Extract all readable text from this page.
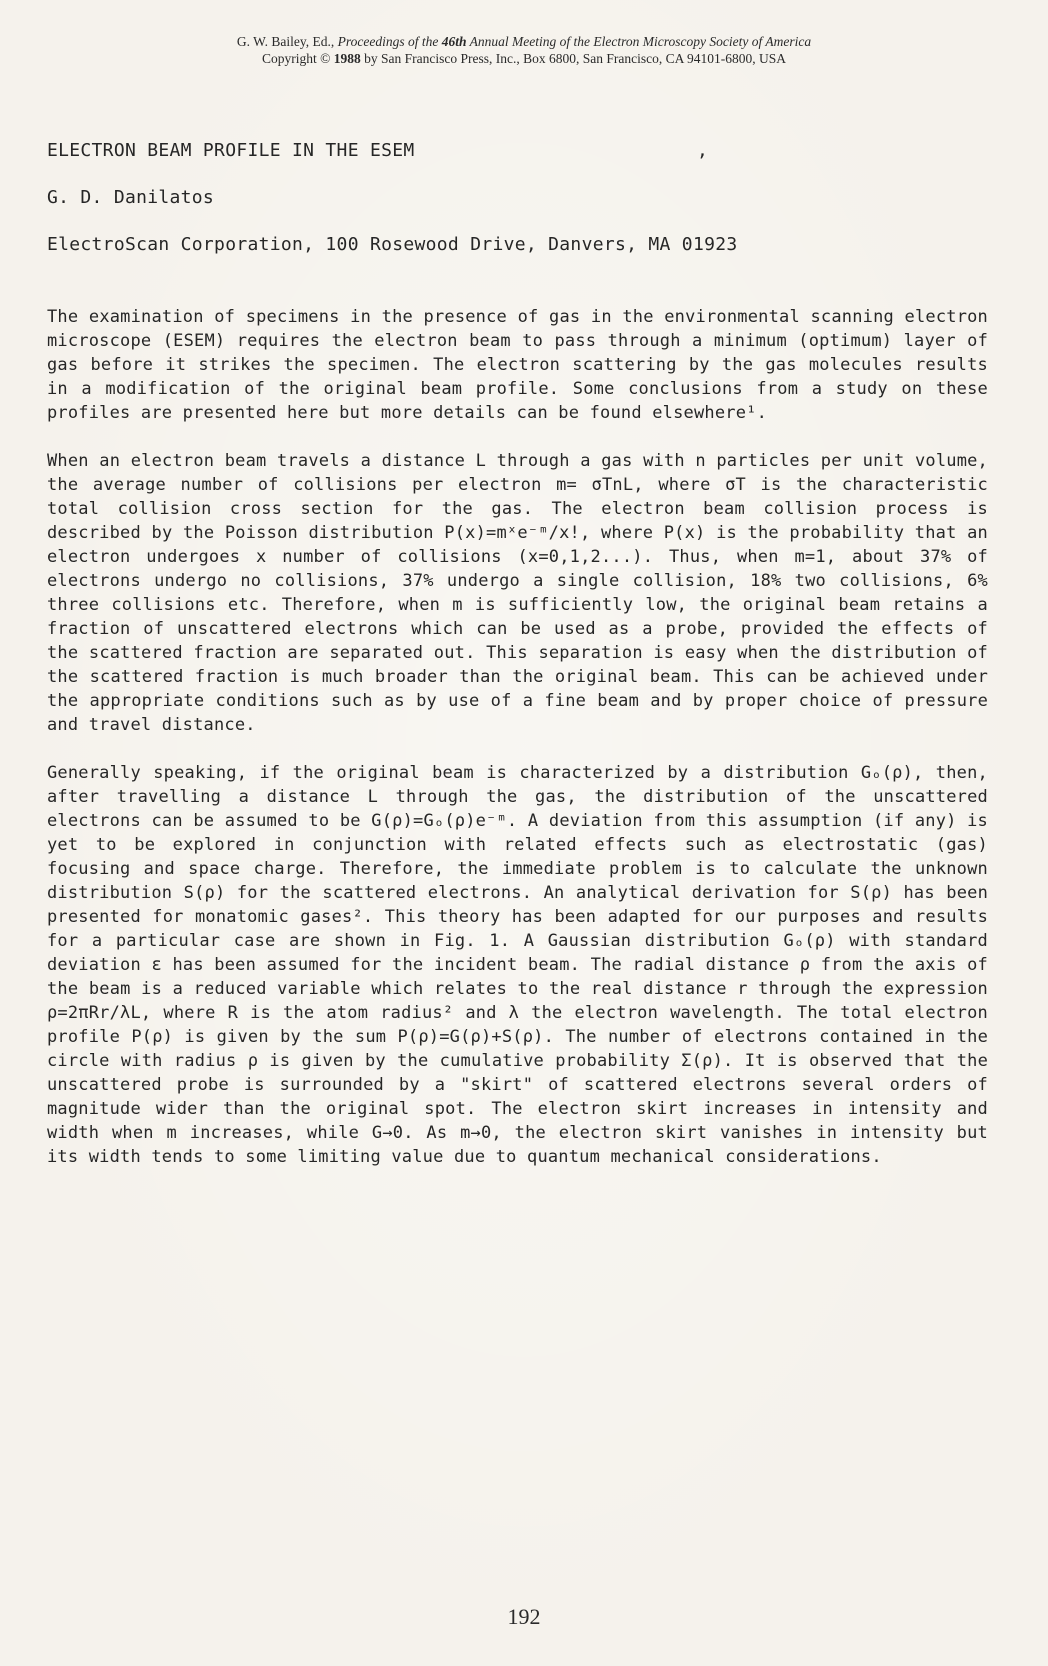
G. W. Bailey, Ed., Proceedings of the 46th Annual Meeting of the Electron Microscopy Society of America
Copyright © 1988 by San Francisco Press, Inc., Box 6800, San Francisco, CA 94101-6800, USA
ELECTRON BEAM PROFILE IN THE ESEM	,
G. D. Danilatos
ElectroScan Corporation, 100 Rosewood Drive, Danvers, MA 01923

The examination of specimens in the presence of gas in the environmental scanning electron microscope (ESEM) requires the electron beam to pass through a minimum (optimum) layer of gas before it strikes the specimen. The electron scattering by the gas molecules results in a modification of the original beam profile. Some conclusions from a study on these profiles are presented here but more details can be found elsewhere¹.

When an electron beam travels a distance L through a gas with n particles per unit volume, the average number of collisions per electron m= σTnL, where σT is the characteristic total collision cross section for the gas. The electron beam collision process is described by the Poisson distribution P(x)=mˣe⁻ᵐ/x!, where P(x) is the probability that an electron undergoes x number of collisions (x=0,1,2...). Thus, when m=1, about 37% of electrons undergo no collisions, 37% undergo a single collision, 18% two collisions, 6% three collisions etc. Therefore, when m is sufficiently low, the original beam retains a fraction of unscattered electrons which can be used as a probe, provided the effects of the scattered fraction are separated out. This separation is easy when the distribution of the scattered fraction is much broader than the original beam. This can be achieved under the appropriate conditions such as by use of a fine beam and by proper choice of pressure and travel distance.

Generally speaking, if the original beam is characterized by a distribution Gₒ(ρ), then, after travelling a distance L through the gas, the distribution of the unscattered electrons can be assumed to be G(ρ)=Gₒ(ρ)e⁻ᵐ. A deviation from this assumption (if any) is yet to be explored in conjunction with related effects such as electrostatic (gas) focusing and space charge. Therefore, the immediate problem is to calculate the unknown distribution S(ρ) for the scattered electrons. An analytical derivation for S(ρ) has been presented for monatomic gases². This theory has been adapted for our purposes and results for a particular case are shown in Fig. 1. A Gaussian distribution Gₒ(ρ) with standard deviation ε has been assumed for the incident beam. The radial distance ρ from the axis of the beam is a reduced variable which relates to the real distance r through the expression ρ=2πRr/λL, where R is the atom radius² and λ the electron wavelength. The total electron profile P(ρ) is given by the sum P(ρ)=G(ρ)+S(ρ). The number of electrons contained in the circle with radius ρ is given by the cumulative probability Σ(ρ). It is observed that the unscattered probe is surrounded by a "skirt" of scattered electrons several orders of magnitude wider than the original spot. The electron skirt increases in intensity and width when m increases, while G→0. As m→0, the electron skirt vanishes in intensity but its width tends to some limiting value due to quantum mechanical considerations.

192
